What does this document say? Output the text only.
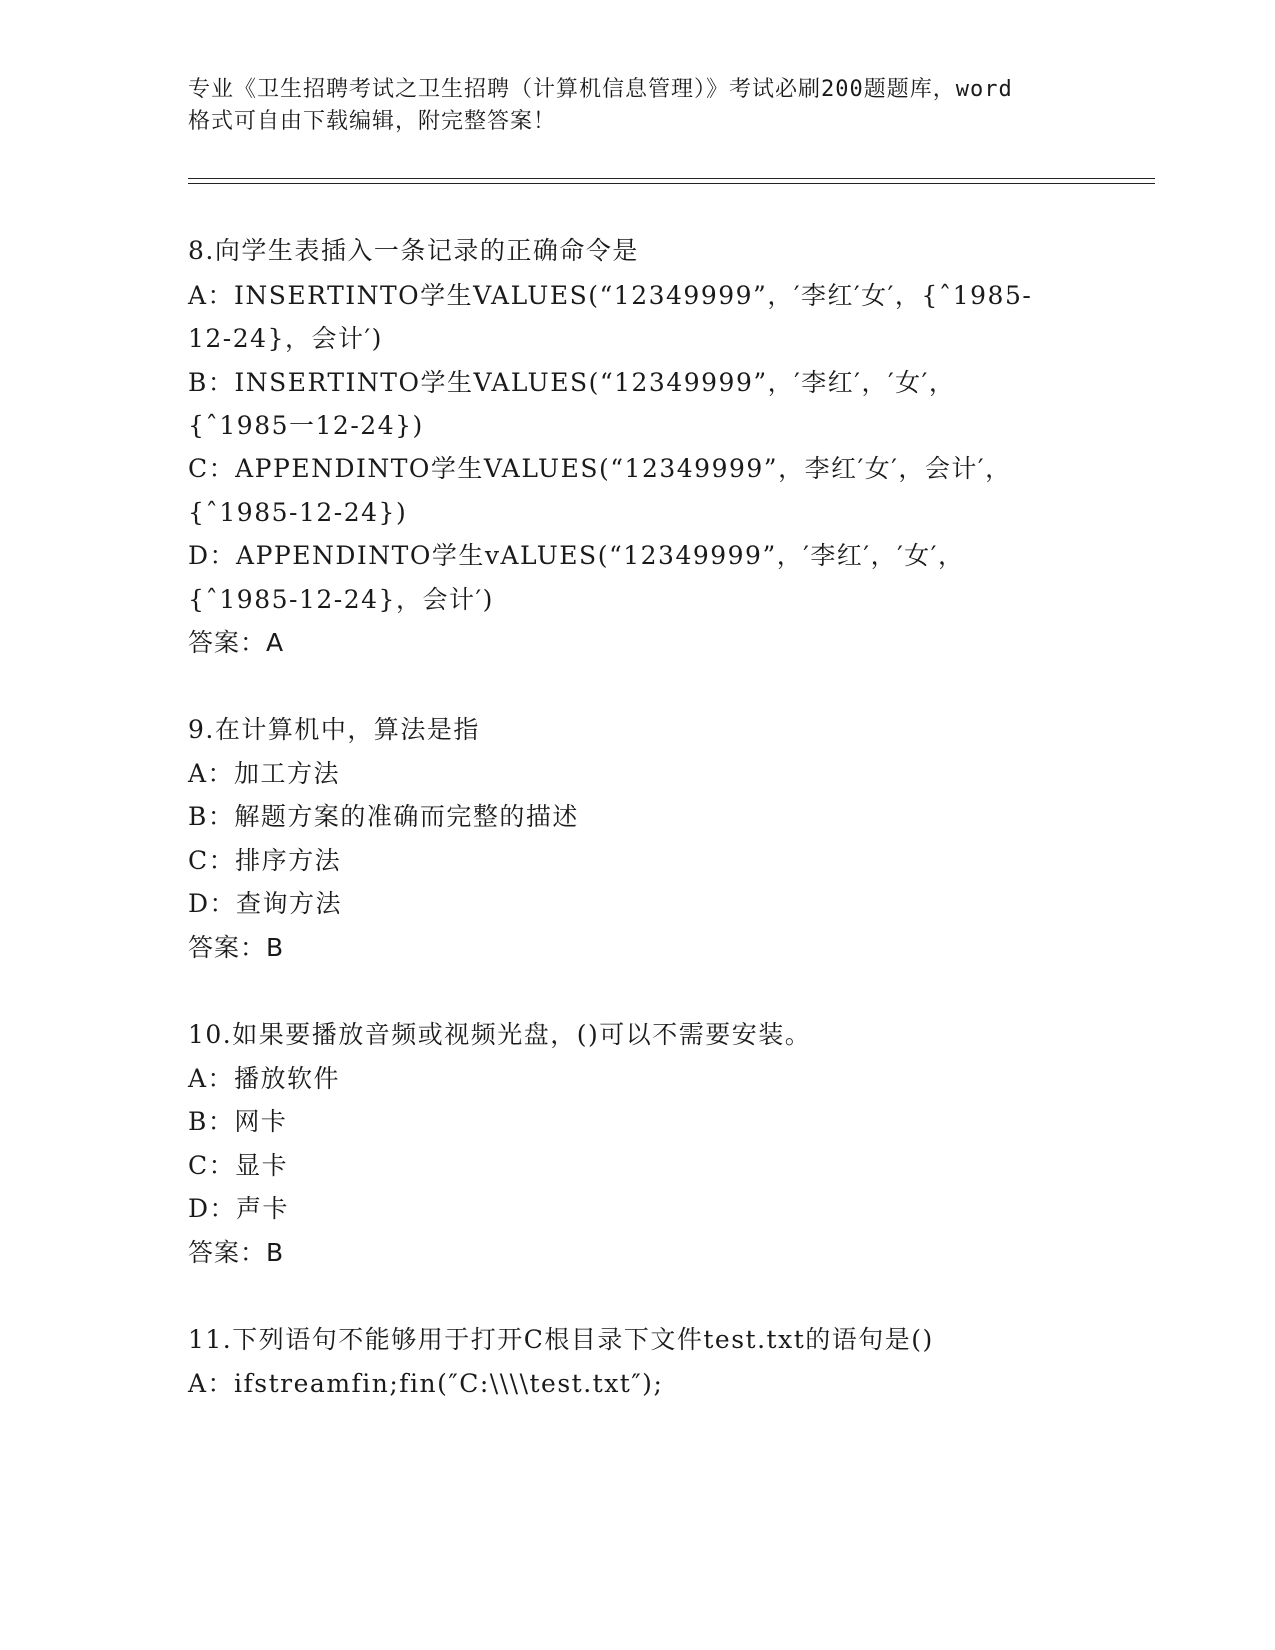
专业《卫生招聘考试之卫生招聘（计算机信息管理）》考试必刷200题题库，word
格式可自由下载编辑，附完整答案！
8.向学生表插入一条记录的正确命令是
A：INSERTINTO学生VALUES(“12349999”，′李红′女′，{ˆ1985-
12-24}，会计′)
B：INSERTINTO学生VALUES(“12349999”，′李红′，′女′，
{ˆ1985一12-24})
C：APPENDINTO学生VALUES(“12349999”，李红′女′，会计′，
{ˆ1985-12-24})
D：APPENDINTO学生vALUES(“12349999”，′李红′，′女′，
{ˆ1985-12-24}，会计′)
答案：A
9.在计算机中，算法是指
A：加工方法
B：解题方案的准确而完整的描述
C：排序方法
D：查询方法
答案：B
10.如果要播放音频或视频光盘，()可以不需要安装。
A：播放软件
B：网卡
C：显卡
D：声卡
答案：B
11.下列语句不能够用于打开C根目录下文件test.txt的语句是()
A：ifstreamfin;fin(″C:\\\\test.txt″);
